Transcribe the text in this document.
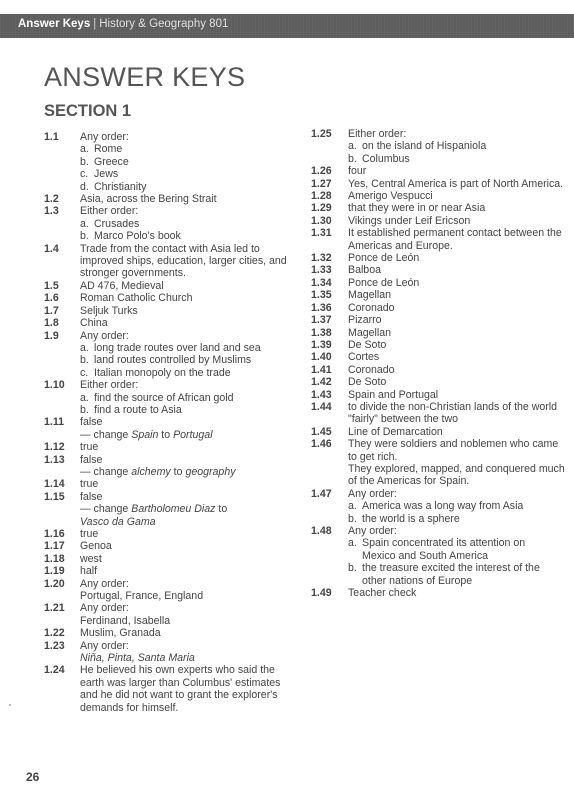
Answer Keys | History & Geography 801
ANSWER KEYS
SECTION 1
1.1	Any order:
a. Rome
b. Greece
c. Jews
d. Christianity
1.2	Asia, across the Bering Strait
1.3	Either order:
a. Crusades
b. Marco Polo's book
1.4	Trade from the contact with Asia led to
improved ships, education, larger cities, and
stronger governments.
1.5	AD 476, Medieval
1.6	Roman Catholic Church
1.7	Seljuk Turks
1.8	China
1.9	Any order:
a. long trade routes over land and sea
b. land routes controlled by Muslims
c. Italian monopoly on the trade
1.10	Either order:
a. find the source of African gold
b. find a route to Asia
1.11	false
— change Spain to Portugal
1.12	true
1.13	false
— change alchemy to geography
1.14	true
1.15	false
— change Bartholomeu Diaz to
Vasco da Gama
1.16	true
1.17	Genoa
1.18	west
1.19	half
1.20	Any order:
Portugal, France, England
1.21	Any order:
Ferdinand, Isabella
1.22	Muslim, Granada
1.23	Any order:
Niña, Pinta, Santa Maria
1.24	He believed his own experts who said the
earth was larger than Columbus' estimates
and he did not want to grant the explorer's
demands for himself.
1.25	Either order:
a. on the island of Hispaniola
b. Columbus
1.26	four
1.27	Yes, Central America is part of North America.
1.28	Amerigo Vespucci
1.29	that they were in or near Asia
1.30	Vikings under Leif Ericson
1.31	It established permanent contact between the
Americas and Europe.
1.32	Ponce de León
1.33	Balboa
1.34	Ponce de León
1.35	Magellan
1.36	Coronado
1.37	Pizarro
1.38	Magellan
1.39	De Soto
1.40	Cortes
1.41	Coronado
1.42	De Soto
1.43	Spain and Portugal
1.44	to divide the non-Christian lands of the world
"fairly" between the two
1.45	Line of Demarcation
1.46	They were soldiers and noblemen who came
to get rich.
They explored, mapped, and conquered much
of the Americas for Spain.
1.47	Any order:
a. America was a long way from Asia
b. the world is a sphere
1.48	Any order:
a. Spain concentrated its attention on
Mexico and South America
b. the treasure excited the interest of the
other nations of Europe
1.49	Teacher check
26
